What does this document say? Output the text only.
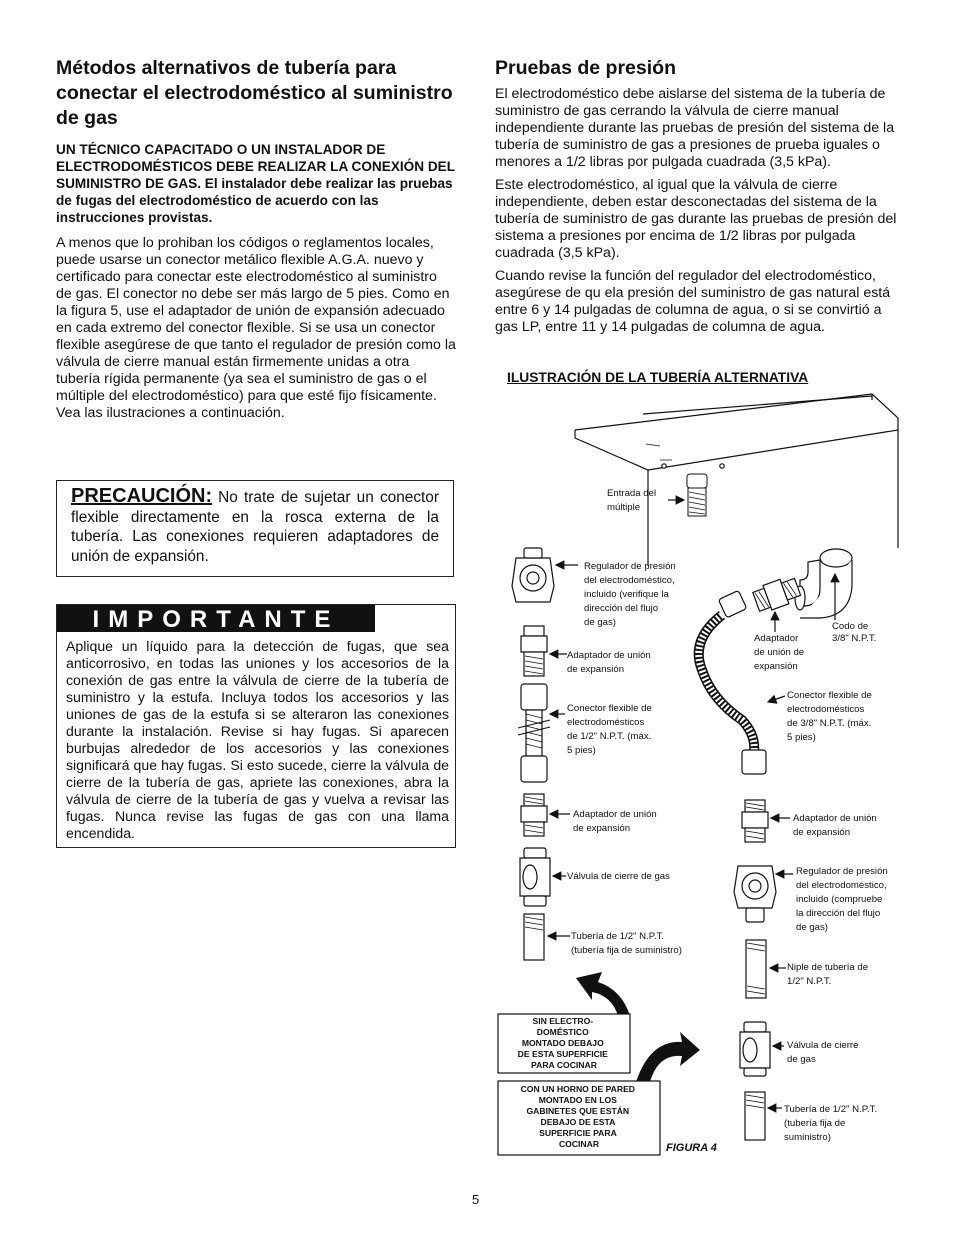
Métodos alternativos de tubería para conectar el electrodoméstico al suministro de gas
UN TÉCNICO CAPACITADO O UN INSTALADOR DE ELECTRODOMÉSTICOS DEBE REALIZAR LA CONEXIÓN DEL SUMINISTRO DE GAS. El instalador debe realizar las pruebas de fugas del electrodoméstico de acuerdo con las instrucciones provistas.

A menos que lo prohiban los códigos o reglamentos locales, puede usarse un conector metálico flexible A.G.A. nuevo y certificado para conectar este electrodoméstico al suministro de gas. El conector no debe ser más largo de 5 pies. Como en la figura 5, use el adaptador de unión de expansión adecuado en cada extremo del conector flexible. Si se usa un conector flexible asegúrese de que tanto el regulador de presión como la válvula de cierre manual están firmemente unidas a otra tubería rígida permanente (ya sea el suministro de gas o el múltiple del electrodoméstico) para que esté fijo físicamente. Vea las ilustraciones a continuación.

PRECAUCIÓN: No trate de sujetar un conector flexible directamente en la rosca externa de la tubería. Las conexiones requieren adaptadores de unión de expansión.
IMPORTANTE
Aplique un líquido para la detección de fugas, que sea anticorrosivo, en todas las uniones y los accesorios de la conexión de gas entre la válvula de cierre de la tubería de suministro y la estufa. Incluya todos los accesorios y las uniones de gas de la estufa si se alteraron las conexiones durante la instalación. Revise si hay fugas. Si aparecen burbujas alrededor de los accesorios y las conexiones significará que hay fugas. Si esto sucede, cierre la válvula de cierre de la tubería de gas, apriete las conexiones, abra la válvula de cierre de la tubería de gas y vuelva a revisar las fugas. Nunca revise las fugas de gas con una llama encendida.
Pruebas de presión

El electrodoméstico debe aislarse del sistema de la tubería de suministro de gas cerrando la válvula de cierre manual independiente durante las pruebas de presión del sistema de la tubería de suministro de gas a presiones de prueba iguales o menores a 1/2 libras por pulgada cuadrada (3,5 kPa).

Este electrodoméstico, al igual que la válvula de cierre independiente, deben estar desconectadas del sistema de la tubería de suministro de gas durante las pruebas de presión del sistema a presiones por encima de 1/2 libras por pulgada cuadrada (3,5 kPa).

Cuando revise la función del regulador del electrodoméstico, asegúrese de qu ela presión del suministro de gas natural está entre 6 y 14 pulgadas de columna de agua, o si se convirtió a gas LP, entre 11 y 14 pulgadas de columna de agua.

ILUSTRACIÓN DE LA TUBERÍA ALTERNATIVA
Entrada del múltiple
Regulador de presión del electrodoméstico, incluido (verifique la dirección del flujo de gas)
Adaptador de unión de expansión
Conector flexible de electrodomésticos de 1/2" N.P.T. (máx. 5 pies)
Adaptador de unión de expansión
Válvula de cierre de gas
Tubería de 1/2" N.P.T. (tubería fija de suministro)
Adaptador de unión de expansión
Codo de 3/8" N.P.T.
Conector flexible de electrodomésticos de 3/8" N.P.T. (máx. 5 pies)
Adaptador de unión de expansión
Regulador de presión del electrodoméstico, incluido (compruebe la dirección del flujo de gas)
Niple de tubería de 1/2" N.P.T.
Válvula de cierre de gas
Tubería de 1/2" N.P.T. (tubería fija de suministro)
SIN ELECTRO- DOMÉSTICO MONTADO DEBAJO DE ESTA SUPERFICIE PARA COCINAR
CON UN HORNO DE PARED MONTADO EN LOS GABINETES QUE ESTÁN DEBAJO DE ESTA SUPERFICIE PARA COCINAR	FIGURA 4
5
